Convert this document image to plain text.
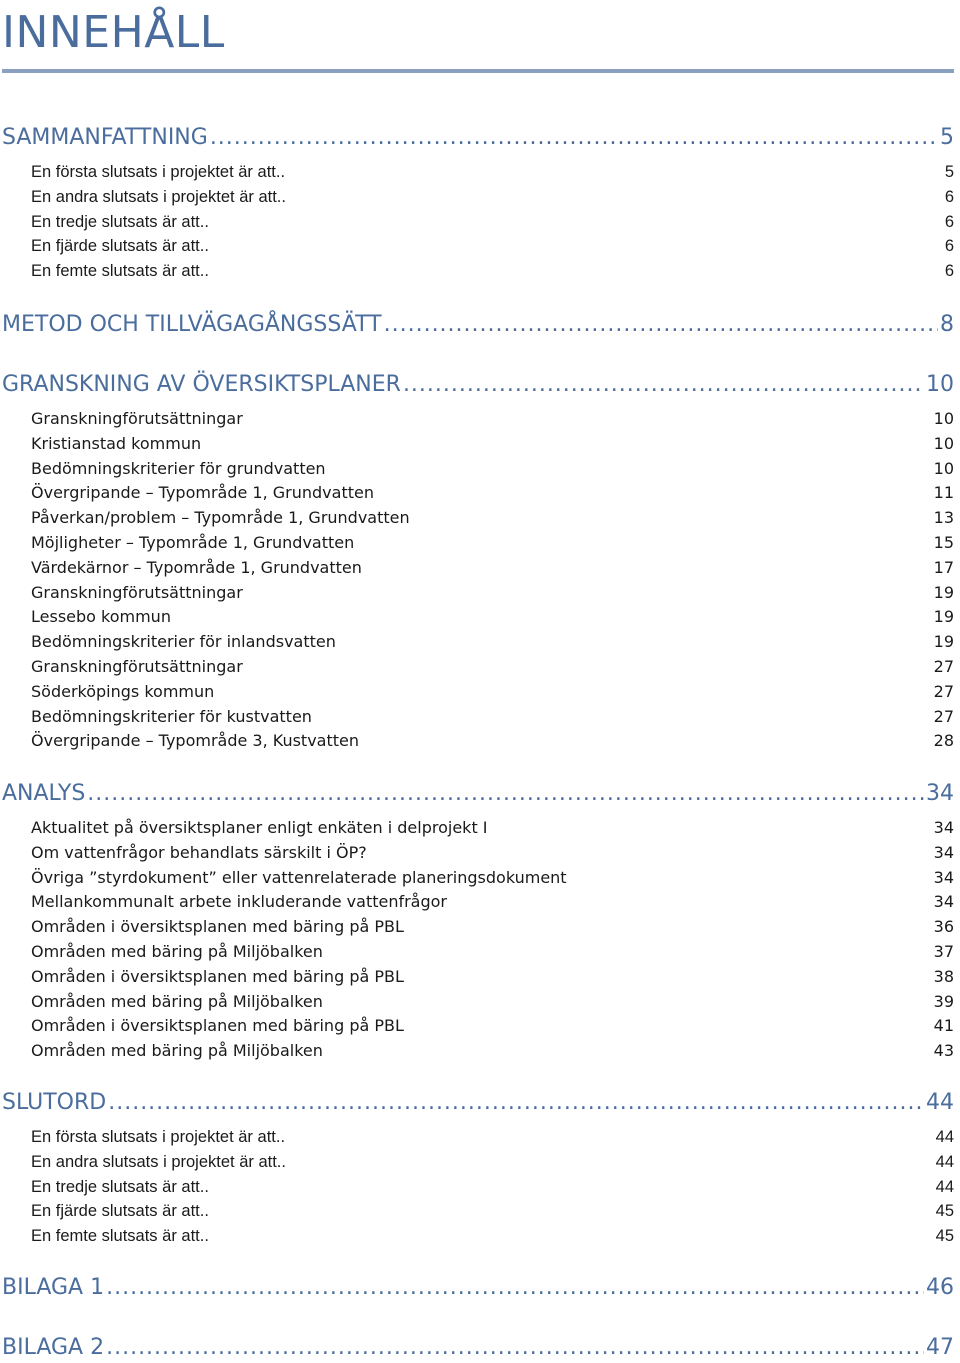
INNEHÅLL
SAMMANFATTNING .....	5
En första slutsats i projektet är att..	5
En andra slutsats i projektet är att..	6
En tredje slutsats är att..	6
En fjärde slutsats är att..	6
En femte slutsats är att..	6
METOD OCH TILLVÄGAGÅNGSSÄTT .....	8
GRANSKNING AV ÖVERSIKTSPLANER .....	10
Granskningförutsättningar	10
Kristianstad kommun	10
Bedömningskriterier för grundvatten	10
Övergripande – Typområde 1, Grundvatten	11
Påverkan/problem – Typområde 1, Grundvatten	13
Möjligheter – Typområde 1, Grundvatten	15
Värdekärnor – Typområde 1, Grundvatten	17
Granskningförutsättningar	19
Lessebo kommun	19
Bedömningskriterier för inlandsvatten	19
Granskningförutsättningar	27
Söderköpings kommun	27
Bedömningskriterier för kustvatten	27
Övergripande – Typområde 3, Kustvatten	28
ANALYS .....	34
Aktualitet på översiktsplaner enligt enkäten i delprojekt I	34
Om vattenfrågor behandlats särskilt i ÖP?	34
Övriga ”styrdokument” eller vattenrelaterade planeringsdokument	34
Mellankommunalt arbete inkluderande vattenfrågor	34
Områden i översiktsplanen med bäring på PBL	36
Områden med bäring på Miljöbalken	37
Områden i översiktsplanen med bäring på PBL	38
Områden med bäring på Miljöbalken	39
Områden i översiktsplanen med bäring på PBL	41
Områden med bäring på Miljöbalken	43
SLUTORD .....	44
En första slutsats i projektet är att..	44
En andra slutsats i projektet är att..	44
En tredje slutsats är att..	44
En fjärde slutsats är att..	45
En femte slutsats är att..	45
BILAGA 1 .....	46
BILAGA 2 .....	47
